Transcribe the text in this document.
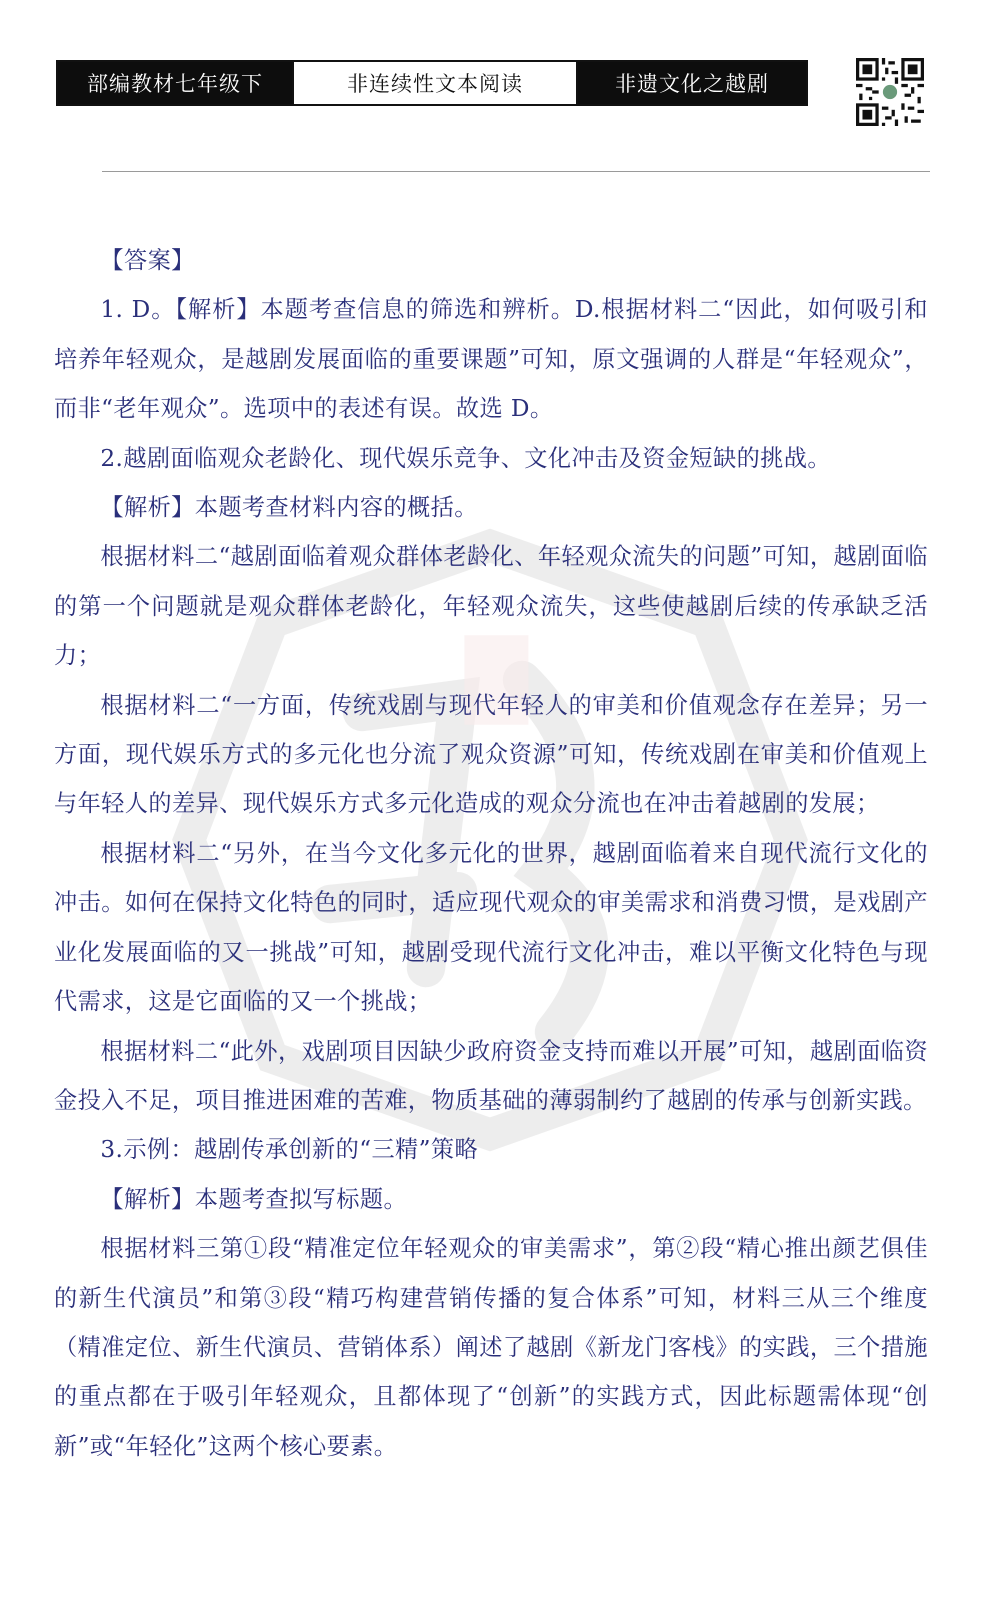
部编教材七年级下	非连续性文本阅读	非遗文化之越剧

【答案】

1. D。【解析】本题考查信息的筛选和辨析。D.根据材料二“因此，如何吸引和培养年轻观众，是越剧发展面临的重要课题”可知，原文强调的人群是“年轻观众”，而非“老年观众”。选项中的表述有误。故选 D。

2.越剧面临观众老龄化、现代娱乐竞争、文化冲击及资金短缺的挑战。

【解析】本题考查材料内容的概括。

根据材料二“越剧面临着观众群体老龄化、年轻观众流失的问题”可知，越剧面临的第一个问题就是观众群体老龄化，年轻观众流失，这些使越剧后续的传承缺乏活力；

根据材料二“一方面，传统戏剧与现代年轻人的审美和价值观念存在差异；另一方面，现代娱乐方式的多元化也分流了观众资源”可知，传统戏剧在审美和价值观上与年轻人的差异、现代娱乐方式多元化造成的观众分流也在冲击着越剧的发展；

根据材料二“另外，在当今文化多元化的世界，越剧面临着来自现代流行文化的冲击。如何在保持文化特色的同时，适应现代观众的审美需求和消费习惯，是戏剧产业化发展面临的又一挑战”可知，越剧受现代流行文化冲击，难以平衡文化特色与现代需求，这是它面临的又一个挑战；

根据材料二“此外，戏剧项目因缺少政府资金支持而难以开展”可知，越剧面临资金投入不足，项目推进困难的苦难，物质基础的薄弱制约了越剧的传承与创新实践。

3.示例：越剧传承创新的“三精”策略

【解析】本题考查拟写标题。

根据材料三第①段“精准定位年轻观众的审美需求”，第②段“精心推出颜艺俱佳的新生代演员”和第③段“精巧构建营销传播的复合体系”可知，材料三从三个维度（精准定位、新生代演员、营销体系）阐述了越剧《新龙门客栈》的实践，三个措施的重点都在于吸引年轻观众，且都体现了“创新”的实践方式，因此标题需体现“创新”或“年轻化”这两个核心要素。
